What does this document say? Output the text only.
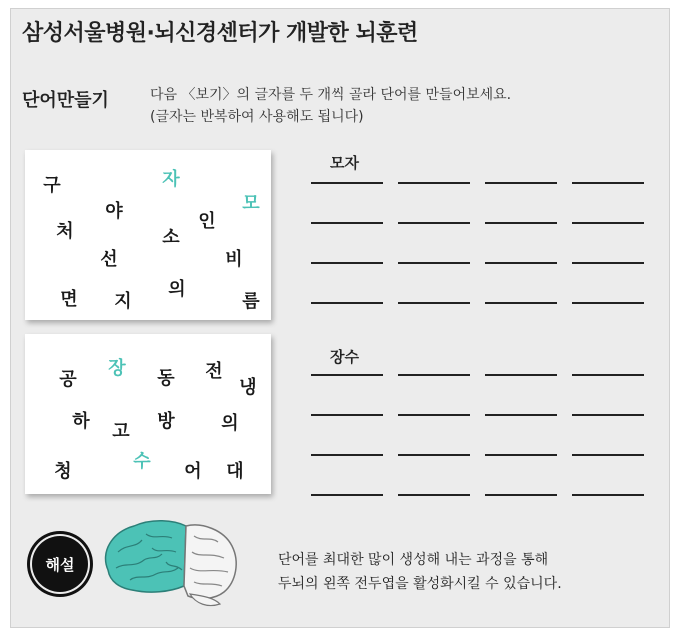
삼성서울병원·뇌신경센터가 개발한 뇌훈련
단어만들기	다음 〈보기〉의 글자를 두 개씩 골라 단어를 만들어보세요.
(글자는 반복하여 사용해도 됩니다)
구	자
모
야	인
처	소
선	비
면 지
의
름
공
장 동 전
냉
하 고 방	의
수
청	어 대
모자
장수
해설	단어를 최대한 많이 생성해 내는 과정을 통해
두뇌의 왼쪽 전두엽을 활성화시킬 수 있습니다.
